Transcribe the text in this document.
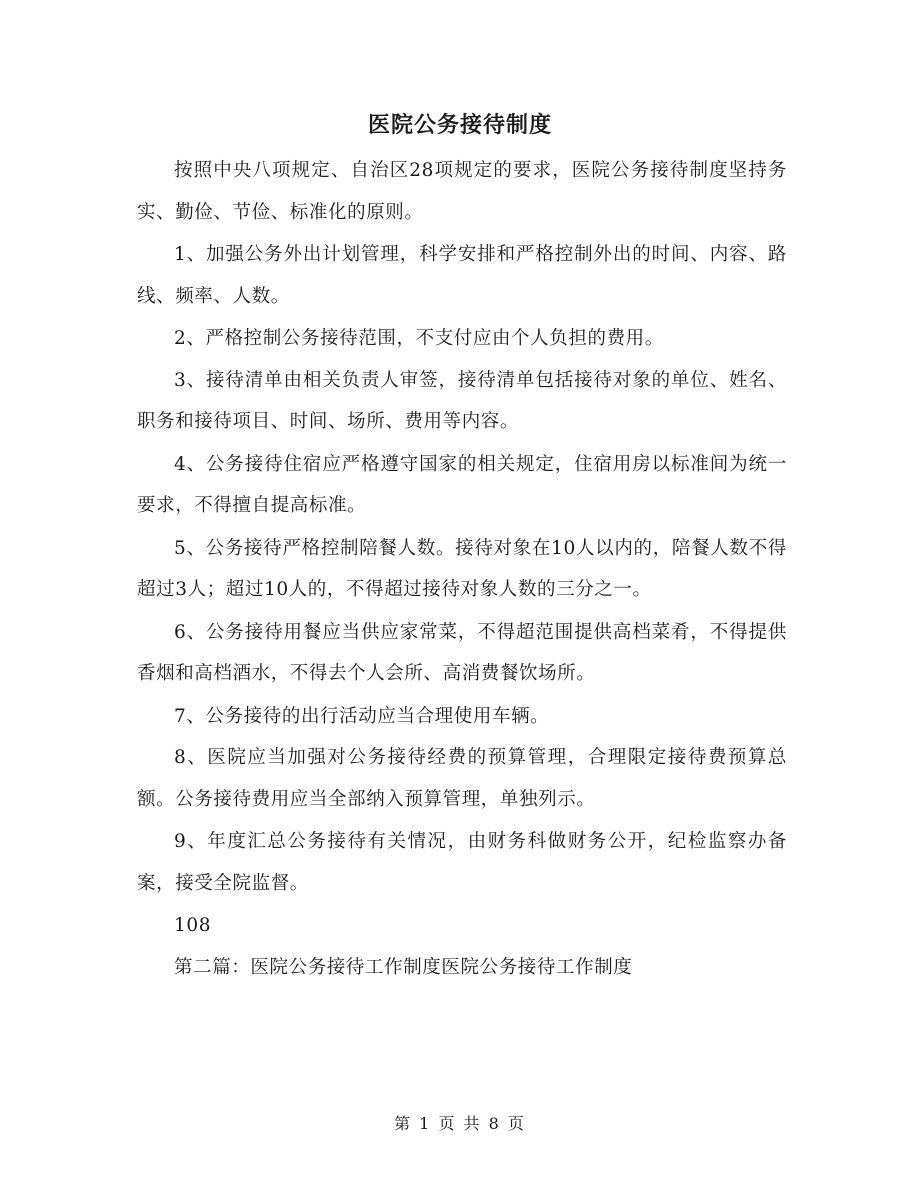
医院公务接待制度

按照中央八项规定、自治区28项规定的要求，医院公务接待制度坚持务实、勤俭、节俭、标准化的原则。

1、加强公务外出计划管理，科学安排和严格控制外出的时间、内容、路线、频率、人数。

2、严格控制公务接待范围，不支付应由个人负担的费用。

3、接待清单由相关负责人审签，接待清单包括接待对象的单位、姓名、职务和接待项目、时间、场所、费用等内容。

4、公务接待住宿应严格遵守国家的相关规定，住宿用房以标准间为统一要求，不得擅自提高标准。

5、公务接待严格控制陪餐人数。接待对象在10人以内的，陪餐人数不得超过3人；超过10人的，不得超过接待对象人数的三分之一。

6、公务接待用餐应当供应家常菜，不得超范围提供高档菜肴，不得提供香烟和高档酒水，不得去个人会所、高消费餐饮场所。

7、公务接待的出行活动应当合理使用车辆。

8、医院应当加强对公务接待经费的预算管理，合理限定接待费预算总额。公务接待费用应当全部纳入预算管理，单独列示。

9、年度汇总公务接待有关情况，由财务科做财务公开，纪检监察办备案，接受全院监督。

108

第二篇：医院公务接待工作制度医院公务接待工作制度

第 1 页 共 8 页
